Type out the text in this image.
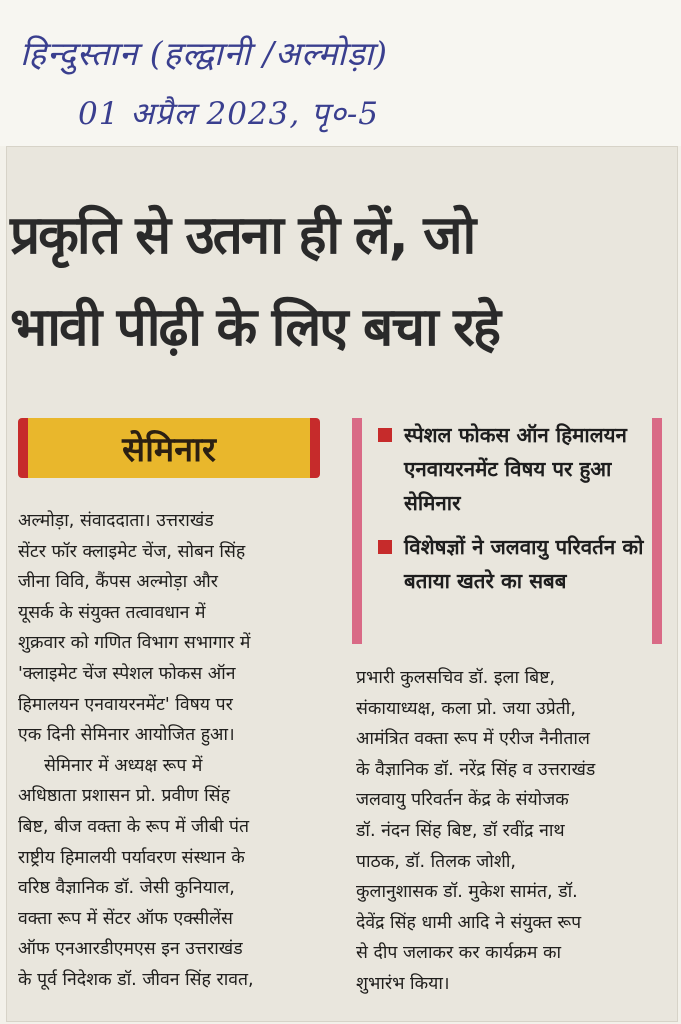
हिन्दुस्तान (हल्द्वानी /अल्मोड़ा)
01 अप्रैल 2023, पृ०-5
प्रकृति से उतना ही लें, जो
भावी पीढ़ी के लिए बचा रहे
सेमिनार	स्पेशल फोकस ऑन हिमालयन एनवायरनमेंट विषय पर हुआ सेमिनार
विशेषज्ञों ने जलवायु परिवर्तन को बताया खतरे का सबब
अल्मोड़ा, संवाददाता। उत्तराखंड
सेंटर फॉर क्लाइमेट चेंज, सोबन सिंह
जीना विवि, कैंपस अल्मोड़ा और
यूसर्क के संयुक्त तत्वावधान में
शुक्रवार को गणित विभाग सभागार में
'क्लाइमेट चेंज स्पेशल फोकस ऑन
हिमालयन एनवायरनमेंट' विषय पर
एक दिनी सेमिनार आयोजित हुआ।
सेमिनार में अध्यक्ष रूप में
अधिष्ठाता प्रशासन प्रो. प्रवीण सिंह
बिष्ट, बीज वक्ता के रूप में जीबी पंत
राष्ट्रीय हिमालयी पर्यावरण संस्थान के
वरिष्ठ वैज्ञानिक डॉ. जेसी कुनियाल,
वक्ता रूप में सेंटर ऑफ एक्सीलेंस
ऑफ एनआरडीएमएस इन उत्तराखंड
के पूर्व निदेशक डॉ. जीवन सिंह रावत,
प्रभारी कुलसचिव डॉ. इला बिष्ट,
संकायाध्यक्ष, कला प्रो. जया उप्रेती,
आमंत्रित वक्ता रूप में एरीज नैनीताल
के वैज्ञानिक डॉ. नरेंद्र सिंह व उत्तराखंड
जलवायु परिवर्तन केंद्र के संयोजक
डॉ. नंदन सिंह बिष्ट, डॉ रवींद्र नाथ
पाठक, डॉ. तिलक जोशी,
कुलानुशासक डॉ. मुकेश सामंत, डॉ.
देवेंद्र सिंह धामी आदि ने संयुक्त रूप
से दीप जलाकर कर कार्यक्रम का
शुभारंभ किया।
